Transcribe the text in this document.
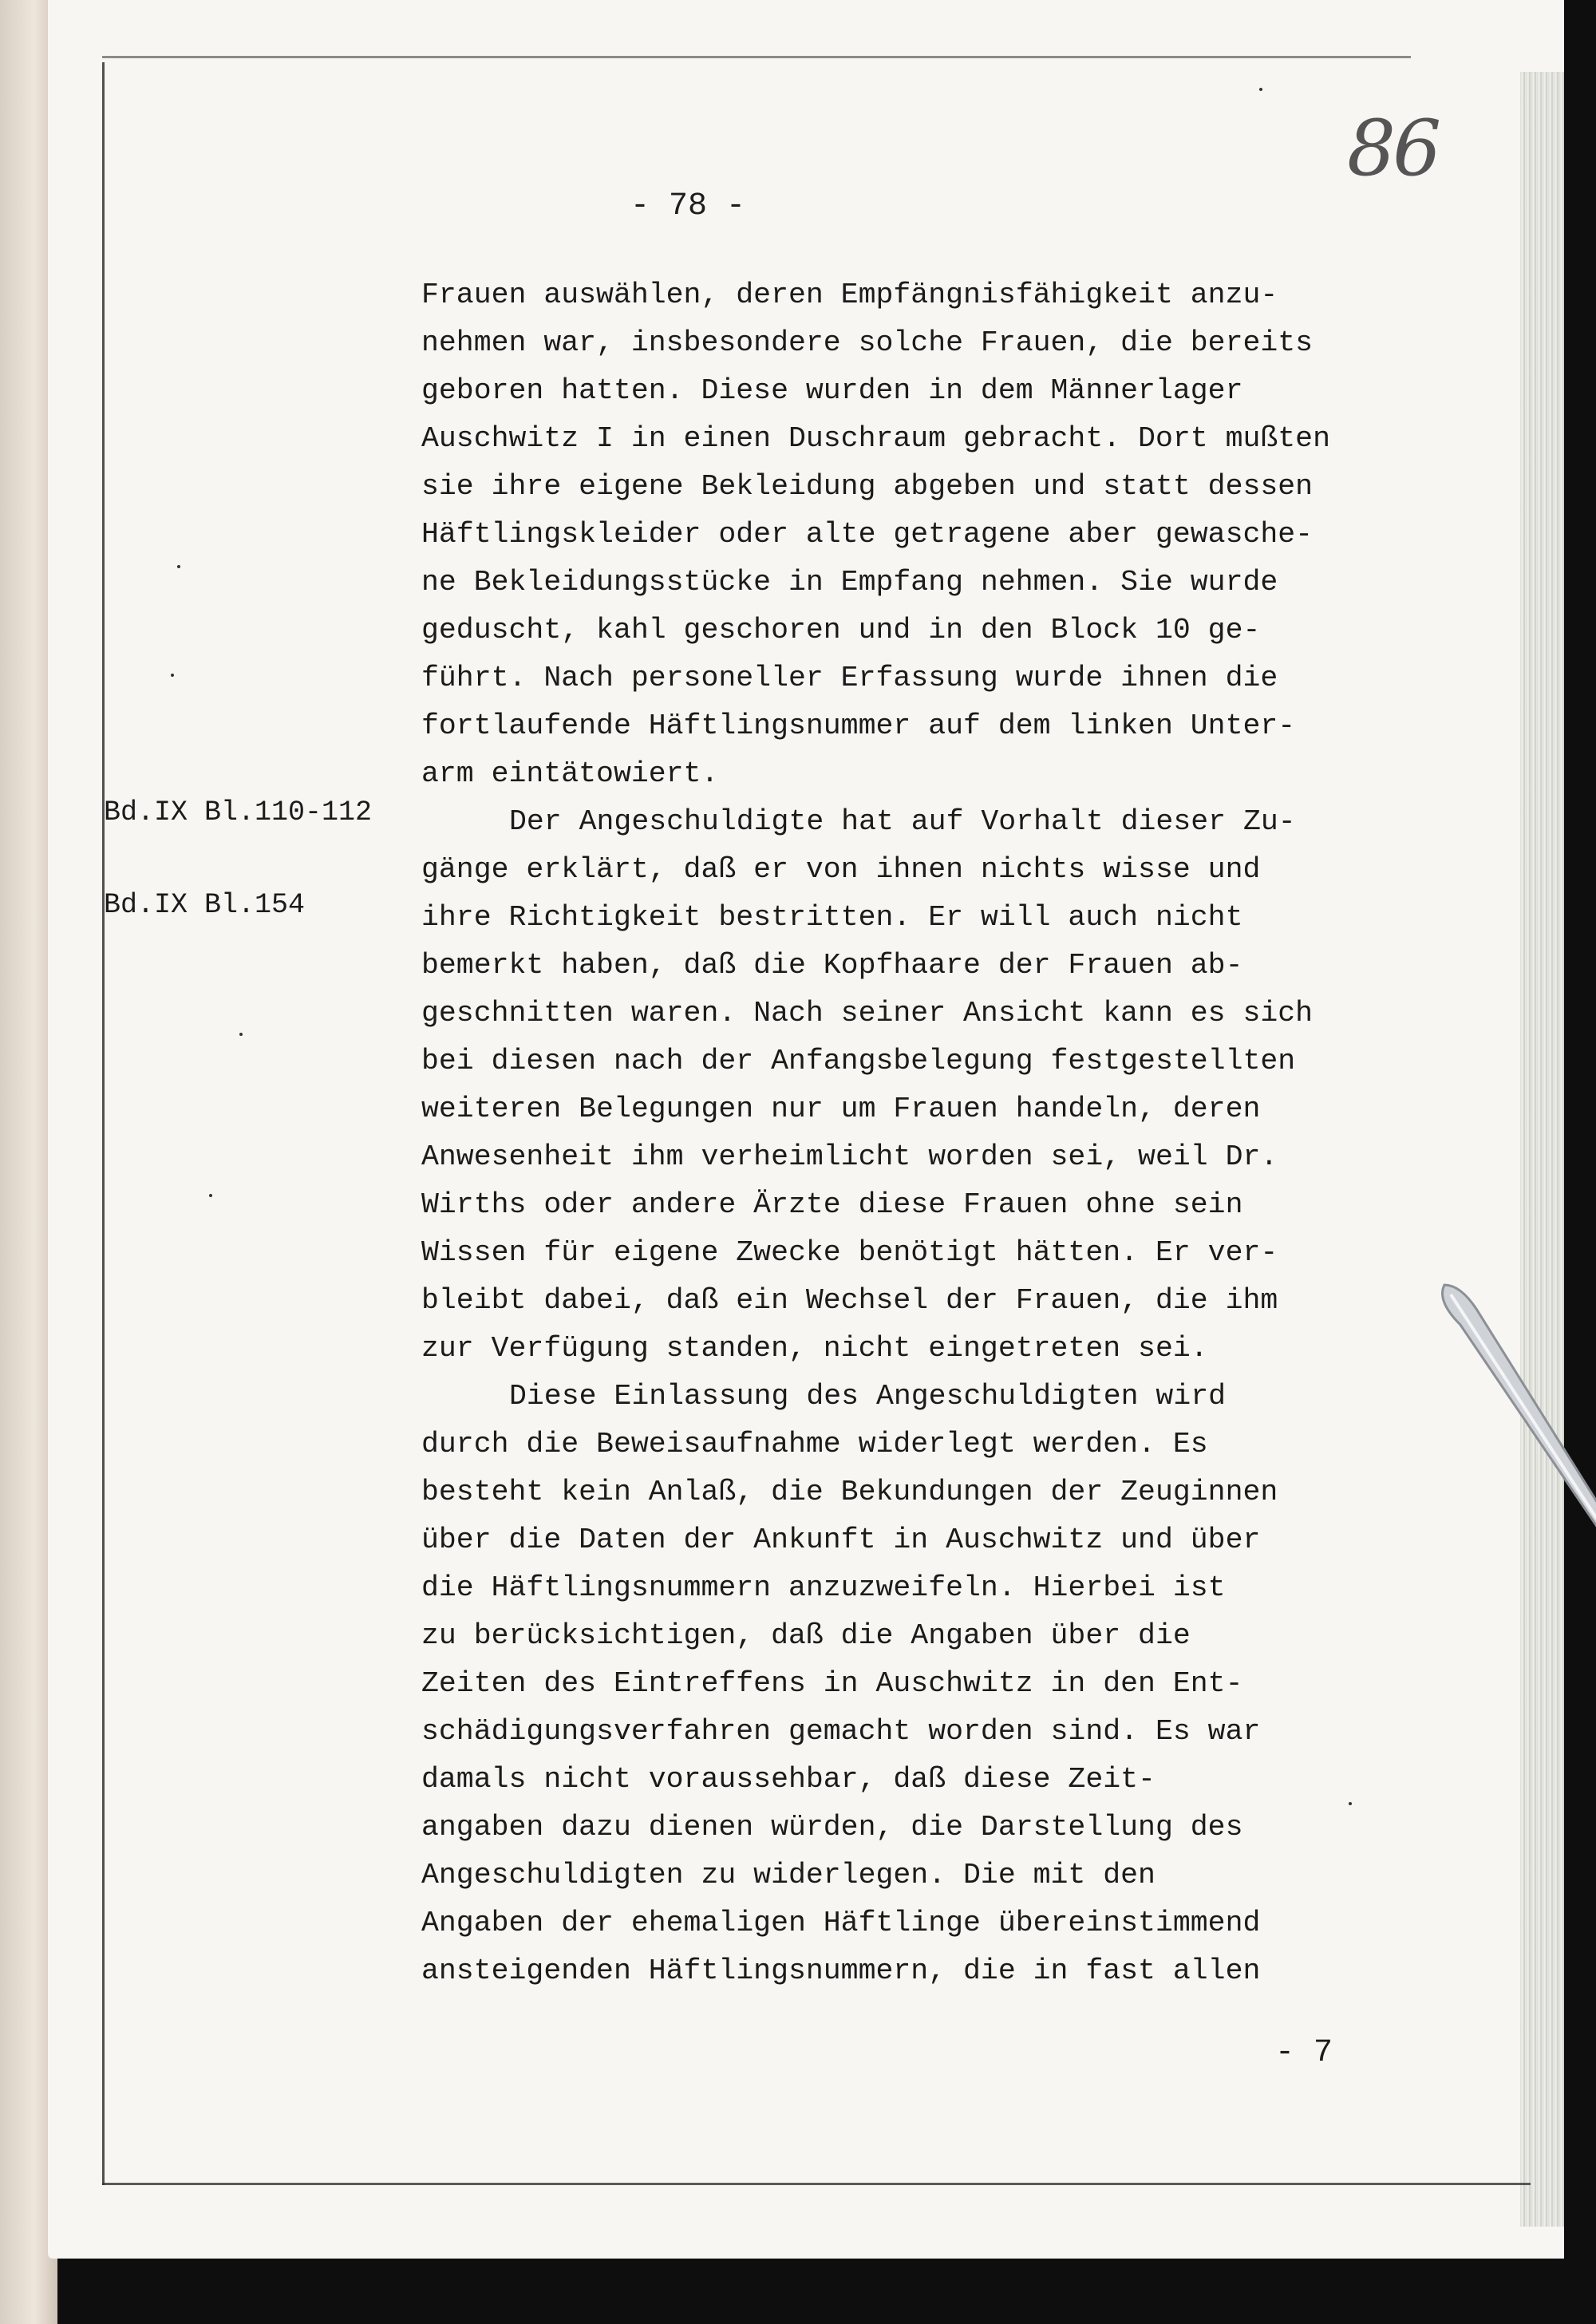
86
- 78 -
Frauen auswählen, deren Empfängnisfähigkeit anzu-
nehmen war, insbesondere solche Frauen, die bereits
geboren hatten. Diese wurden in dem Männerlager
Auschwitz I in einen Duschraum gebracht. Dort mußten
sie ihre eigene Bekleidung abgeben und statt dessen
Häftlingskleider oder alte getragene aber gewasche-
ne Bekleidungsstücke in Empfang nehmen. Sie wurde
geduscht, kahl geschoren und in den Block 10 ge-
führt. Nach personeller Erfassung wurde ihnen die
fortlaufende Häftlingsnummer auf dem linken Unter-
arm eintätowiert.
Der Angeschuldigte hat auf Vorhalt dieser Zu-
gänge erklärt, daß er von ihnen nichts wisse und
ihre Richtigkeit bestritten. Er will auch nicht
bemerkt haben, daß die Kopfhaare der Frauen ab-
geschnitten waren. Nach seiner Ansicht kann es sich
bei diesen nach der Anfangsbelegung festgestellten
weiteren Belegungen nur um Frauen handeln, deren
Anwesenheit ihm verheimlicht worden sei, weil Dr.
Wirths oder andere Ärzte diese Frauen ohne sein
Wissen für eigene Zwecke benötigt hätten. Er ver-
bleibt dabei, daß ein Wechsel der Frauen, die ihm
zur Verfügung standen, nicht eingetreten sei.
Diese Einlassung des Angeschuldigten wird
durch die Beweisaufnahme widerlegt werden. Es
besteht kein Anlaß, die Bekundungen der Zeuginnen
über die Daten der Ankunft in Auschwitz und über
die Häftlingsnummern anzuzweifeln. Hierbei ist
zu berücksichtigen, daß die Angaben über die
Zeiten des Eintreffens in Auschwitz in den Ent-
schädigungsverfahren gemacht worden sind. Es war
damals nicht voraussehbar, daß diese Zeit-
angaben dazu dienen würden, die Darstellung des
Angeschuldigten zu widerlegen. Die mit den
Angaben der ehemaligen Häftlinge übereinstimmend
ansteigenden Häftlingsnummern, die in fast allen
Bd.IX Bl.110-112
Bd.IX Bl.154
- 7
